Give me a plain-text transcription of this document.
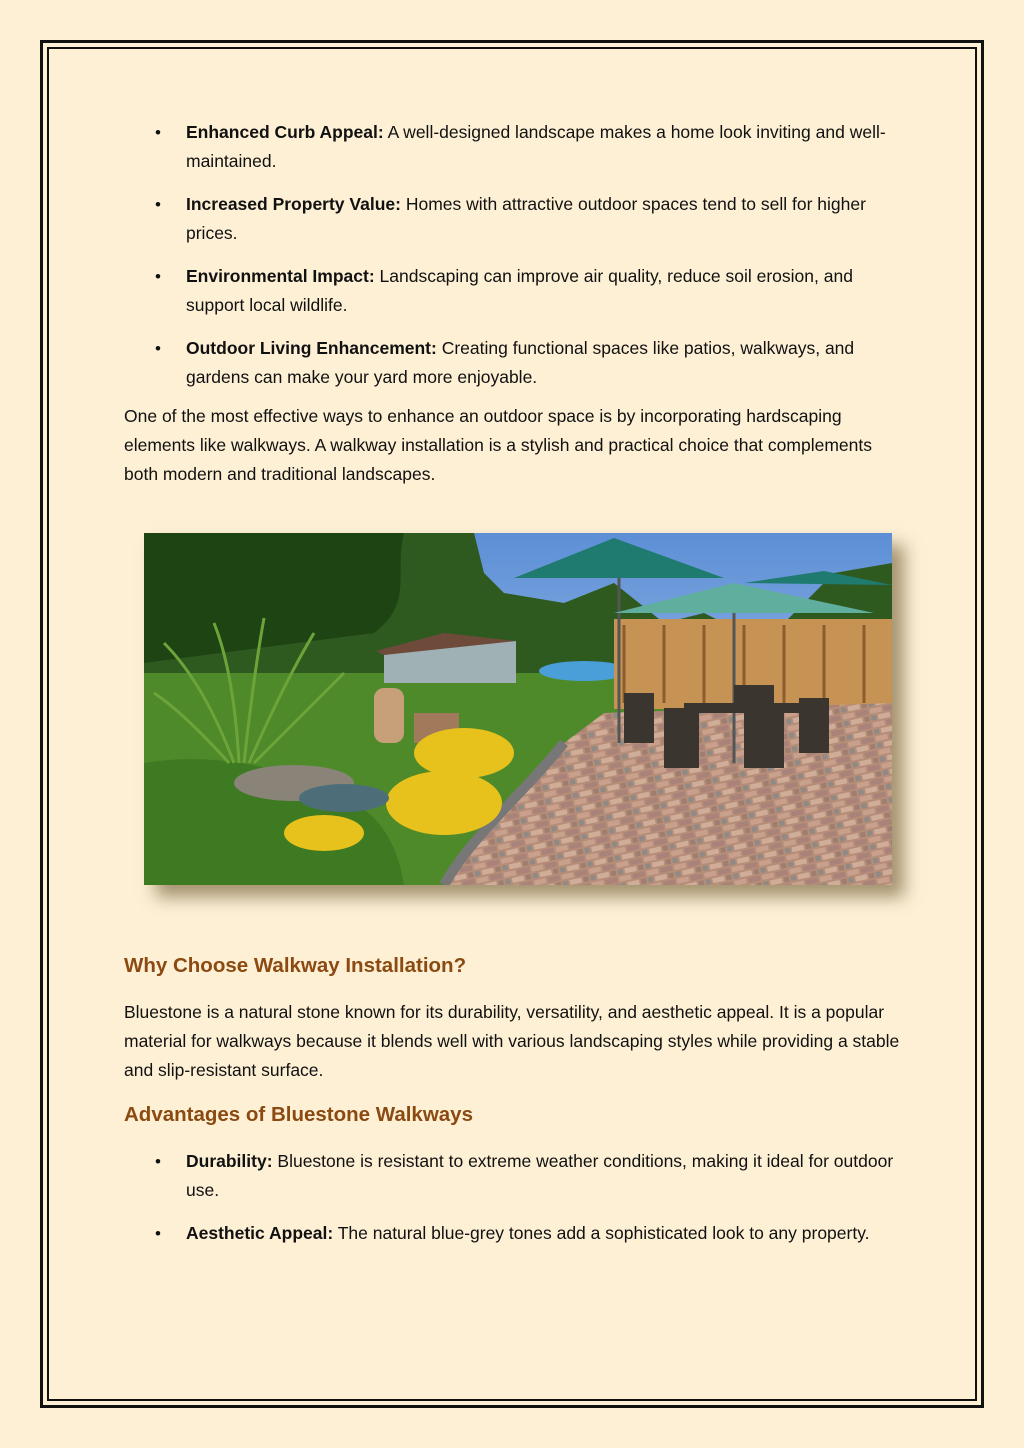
• Enhanced Curb Appeal: A well-designed landscape makes a home look inviting and well-maintained.
• Increased Property Value: Homes with attractive outdoor spaces tend to sell for higher prices.
• Environmental Impact: Landscaping can improve air quality, reduce soil erosion, and support local wildlife.
• Outdoor Living Enhancement: Creating functional spaces like patios, walkways, and gardens can make your yard more enjoyable.

One of the most effective ways to enhance an outdoor space is by incorporating hardscaping elements like walkways. A walkway installation is a stylish and practical choice that complements both modern and traditional landscapes.

Why Choose Walkway Installation?

Bluestone is a natural stone known for its durability, versatility, and aesthetic appeal. It is a popular material for walkways because it blends well with various landscaping styles while providing a stable and slip-resistant surface.

Advantages of Bluestone Walkways
• Durability: Bluestone is resistant to extreme weather conditions, making it ideal for outdoor use.
• Aesthetic Appeal: The natural blue-grey tones add a sophisticated look to any property.
